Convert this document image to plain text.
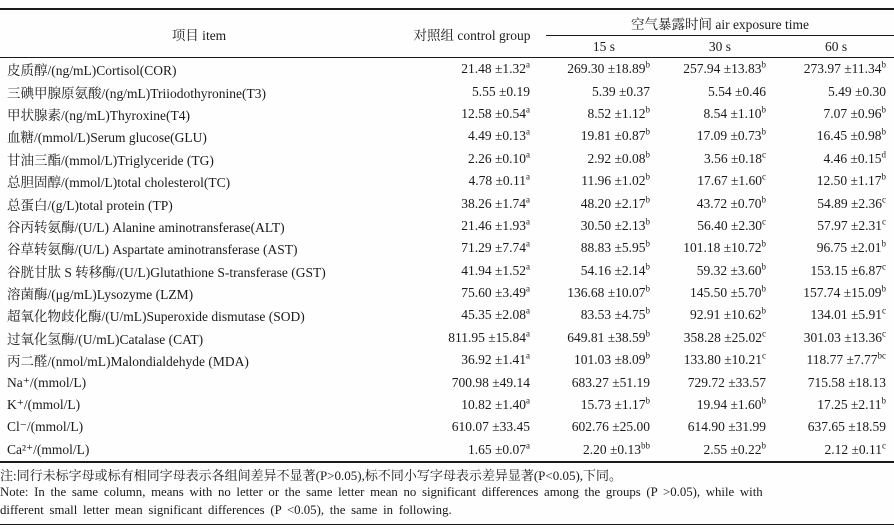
项目 item	对照组 control group	空气暴露时间 air exposure time		
		15 s	30 s	60 s
皮质醇/(ng/mL)Cortisol(COR)	21.48 ±1.32$^a$	269.30 ±18.89$^b$	257.94 ±13.83$^b$	273.97 ±11.34$^b$
三碘甲腺原氨酸/(ng/mL)Triiodothyronine(T3)	5.55 ±0.19	5.39 ±0.37	5.54 ±0.46	5.49 ±0.30
甲状腺素/(ng/mL)Thyroxine(T4)	12.58 ±0.54$^a$	8.52 ±1.12$^b$	8.54 ±1.10$^b$	7.07 ±0.96$^b$
血糖/(mmol/L)Serum glucose(GLU)	4.49 ±0.13$^a$	19.81 ±0.87$^b$	17.09 ±0.73$^b$	16.45 ±0.98$^b$
甘油三酯/(mmol/L)Triglyceride (TG)	2.26 ±0.10$^a$	2.92 ±0.08$^b$	3.56 ±0.18$^c$	4.46 ±0.15$^d$
总胆固醇/(mmol/L)total cholesterol(TC)	4.78 ±0.11$^a$	11.96 ±1.02$^b$	17.67 ±1.60$^c$	12.50 ±1.17$^b$
总蛋白/(g/L)total protein (TP)	38.26 ±1.74$^a$	48.20 ±2.17$^b$	43.72 ±0.70$^b$	54.89 ±2.36$^c$
谷丙转氨酶/(U/L) Alanine aminotransferase(ALT)	21.46 ±1.93$^a$	30.50 ±2.13$^b$	56.40 ±2.30$^c$	57.97 ±2.31$^c$
谷草转氨酶/(U/L) Aspartate aminotransferase (AST)	71.29 ±7.74$^a$	88.83 ±5.95$^b$	101.18 ±10.72$^b$	96.75 ±2.01$^b$
谷胱甘肽 S 转移酶/(U/L)Glutathione S-transferase (GST)	41.94 ±1.52$^a$	54.16 ±2.14$^b$	59.32 ±3.60$^b$	153.15 ±6.87$^c$
溶菌酶/(μg/mL)Lysozyme (LZM)	75.60 ±3.49$^a$	136.68 ±10.07$^b$	145.50 ±5.70$^b$	157.74 ±15.09$^b$
超氧化物歧化酶/(U/mL)Superoxide dismutase (SOD)	45.35 ±2.08$^a$	83.53 ±4.75$^b$	92.91 ±10.62$^b$	134.01 ±5.91$^c$
过氧化氢酶/(U/mL)Catalase (CAT)	811.95 ±15.84$^a$	649.81 ±38.59$^b$	358.28 ±25.02$^c$	301.03 ±13.36$^c$
丙二醛/(nmol/mL)Malondialdehyde (MDA)	36.92 ±1.41$^a$	101.03 ±8.09$^b$	133.80 ±10.21$^c$	118.77 ±7.77$^{bc}$
Na⁺/(mmol/L)	700.98 ±49.14	683.27 ±51.19	729.72 ±33.57	715.58 ±18.13
K⁺/(mmol/L)	10.82 ±1.40$^a$	15.73 ±1.17$^b$	19.94 ±1.60$^b$	17.25 ±2.11$^b$
Cl⁻/(mmol/L)	610.07 ±33.45	602.76 ±25.00	614.90 ±31.99	637.65 ±18.59
Ca²⁺/(mmol/L)	1.65 ±0.07$^a$	2.20 ±0.13$^{bb}$	2.55 ±0.22$^b$	2.12 ±0.11$^c$
注:同行未标字母或标有相同字母表示各组间差异不显著(P>0.05),标不同小写字母表示差异显著(P<0.05),下同。
Note: In the same column, means with no letter or the same letter mean no significant differences among the groups (P >0.05), while with
different small letter mean significant differences (P <0.05), the same in following.
